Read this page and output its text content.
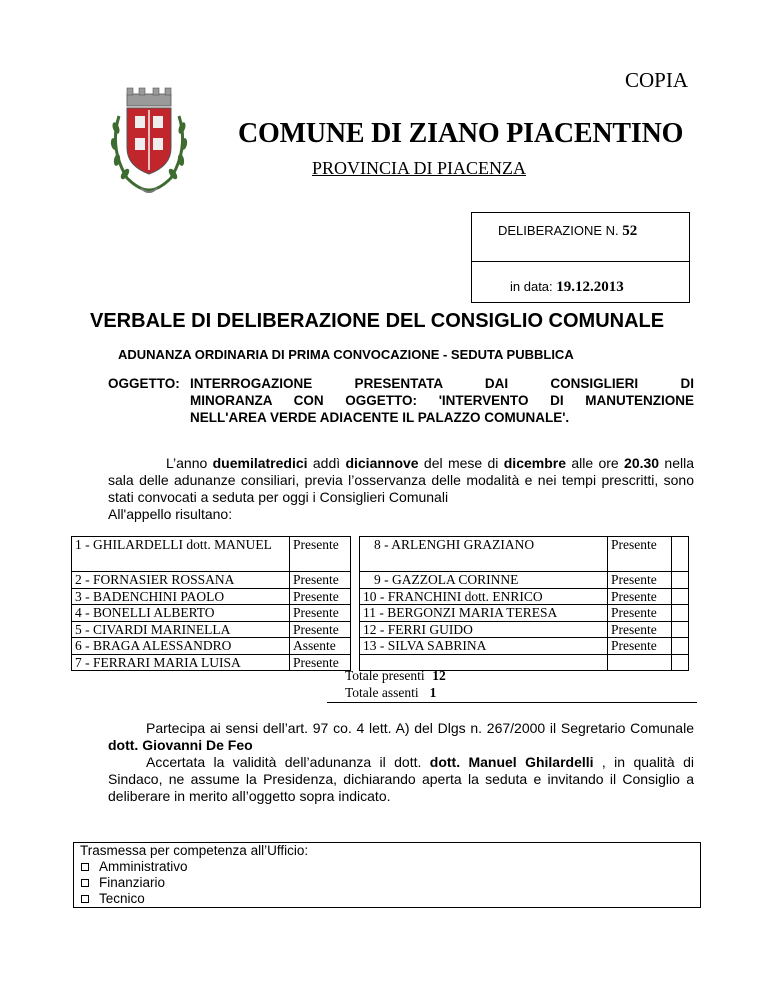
COPIA
COMUNE DI ZIANO PIACENTINO
PROVINCIA DI PIACENZA
DELIBERAZIONE N. 52
in data: 19.12.2013
VERBALE DI DELIBERAZIONE DEL CONSIGLIO COMUNALE
ADUNANZA ORDINARIA DI PRIMA CONVOCAZIONE - SEDUTA PUBBLICA
OGGETTO: INTERROGAZIONE PRESENTATA DAI CONSIGLIERI DI
MINORANZA CON OGGETTO: 'INTERVENTO DI MANUTENZIONE
NELL'AREA VERDE ADIACENTE IL PALAZZO COMUNALE'.
L’anno duemilatredici addì diciannove del mese di dicembre alle ore 20.30 nella sala delle adunanze consiliari, previa l’osservanza delle modalità e nei tempi prescritti, sono stati convocati a seduta per oggi i Consiglieri Comunali
All'appello risultano:
1 - GHILARDELLI dott. MANUEL	Presente		8 - ARLENGHI GRAZIANO	Presente	
2 - FORNASIER ROSSANA	Presente		9 - GAZZOLA CORINNE	Presente	
3 - BADENCHINI PAOLO	Presente		10 - FRANCHINI dott. ENRICO	Presente	
4 - BONELLI ALBERTO	Presente		11 - BERGONZI MARIA TERESA	Presente	
5 - CIVARDI MARINELLA	Presente		12 - FERRI GUIDO	Presente	
6 - BRAGA ALESSANDRO	Assente		13 - SILVA SABRINA	Presente	
7 - FERRARI MARIA LUISA	Presente				
Totale presenti 12
Totale assenti 1

Partecipa ai sensi dell’art. 97 co. 4 lett. A) del Dlgs n. 267/2000 il Segretario Comunale dott. Giovanni De Feo

Accertata la validità dell’adunanza il dott. dott. Manuel Ghilardelli , in qualità di Sindaco, ne assume la Presidenza, dichiarando aperta la seduta e invitando il Consiglio a deliberare in merito all’oggetto sopra indicato.

Trasmessa per competenza all’Ufficio:
Amministrativo
Finanziario
Tecnico
